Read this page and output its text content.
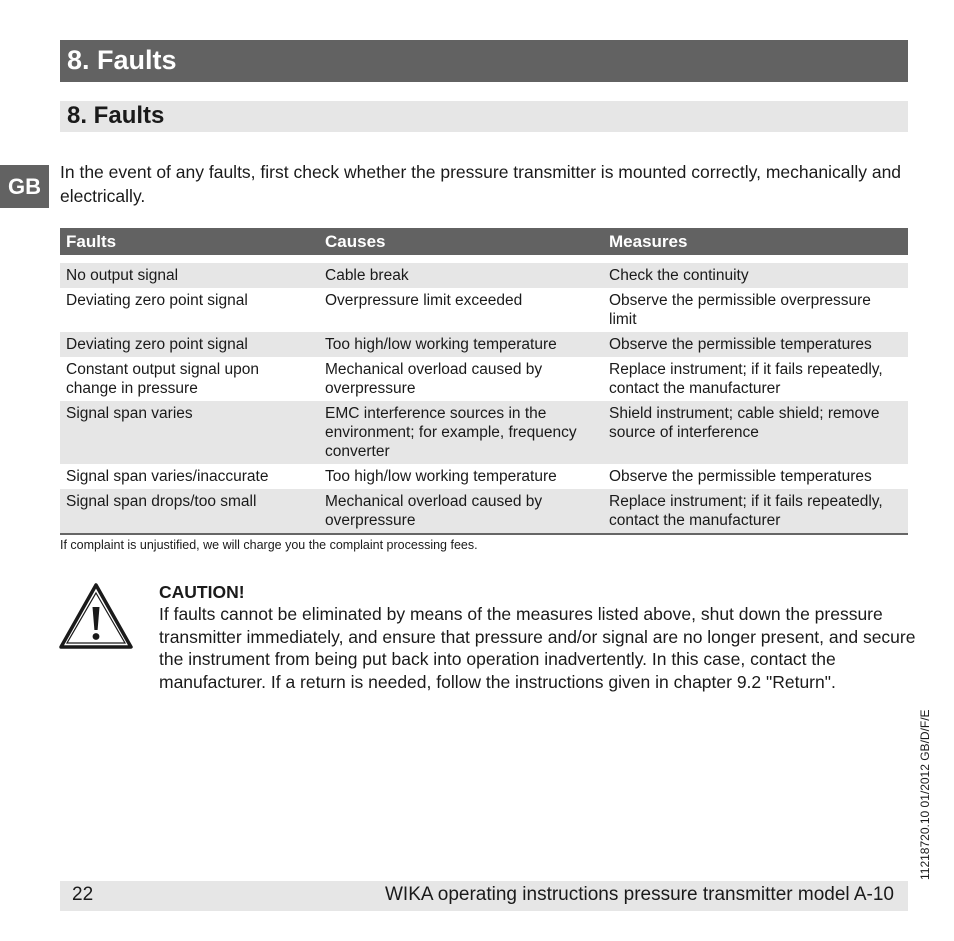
8. Faults
8. Faults
GB
In the event of any faults, first check whether the pressure transmitter is mounted correctly, mechanically and electrically.
Faults	Causes	Measures

No output signal	Cable break	Check the continuity
Deviating zero point signal	Overpressure limit exceeded	Observe the permissible overpressure limit
Deviating zero point signal	Too high/low working temperature	Observe the permissible temperatures
Constant output signal upon change in pressure	Mechanical overload caused by overpressure	Replace instrument; if it fails repeatedly, contact the manufacturer
Signal span varies	EMC interference sources in the environment; for example, frequency converter	Shield instrument; cable shield; remove source of interference
Signal span varies/inaccurate	Too high/low working temperature	Observe the permissible temperatures
Signal span drops/too small	Mechanical overload caused by overpressure	Replace instrument; if it fails repeatedly, contact the manufacturer
If complaint is unjustified, we will charge you the complaint processing fees.
CAUTION!
If faults cannot be eliminated by means of the measures listed above, shut down the pressure transmitter immediately, and ensure that pressure and/or signal are no longer present, and secure the instrument from being put back into operation inadvertently. In this case, contact the manufacturer. If a return is needed, follow the instructions given in chapter 9.2 "Return".
11218720.10 01/2012 GB/D/F/E
22	WIKA operating instructions pressure transmitter model A-10
